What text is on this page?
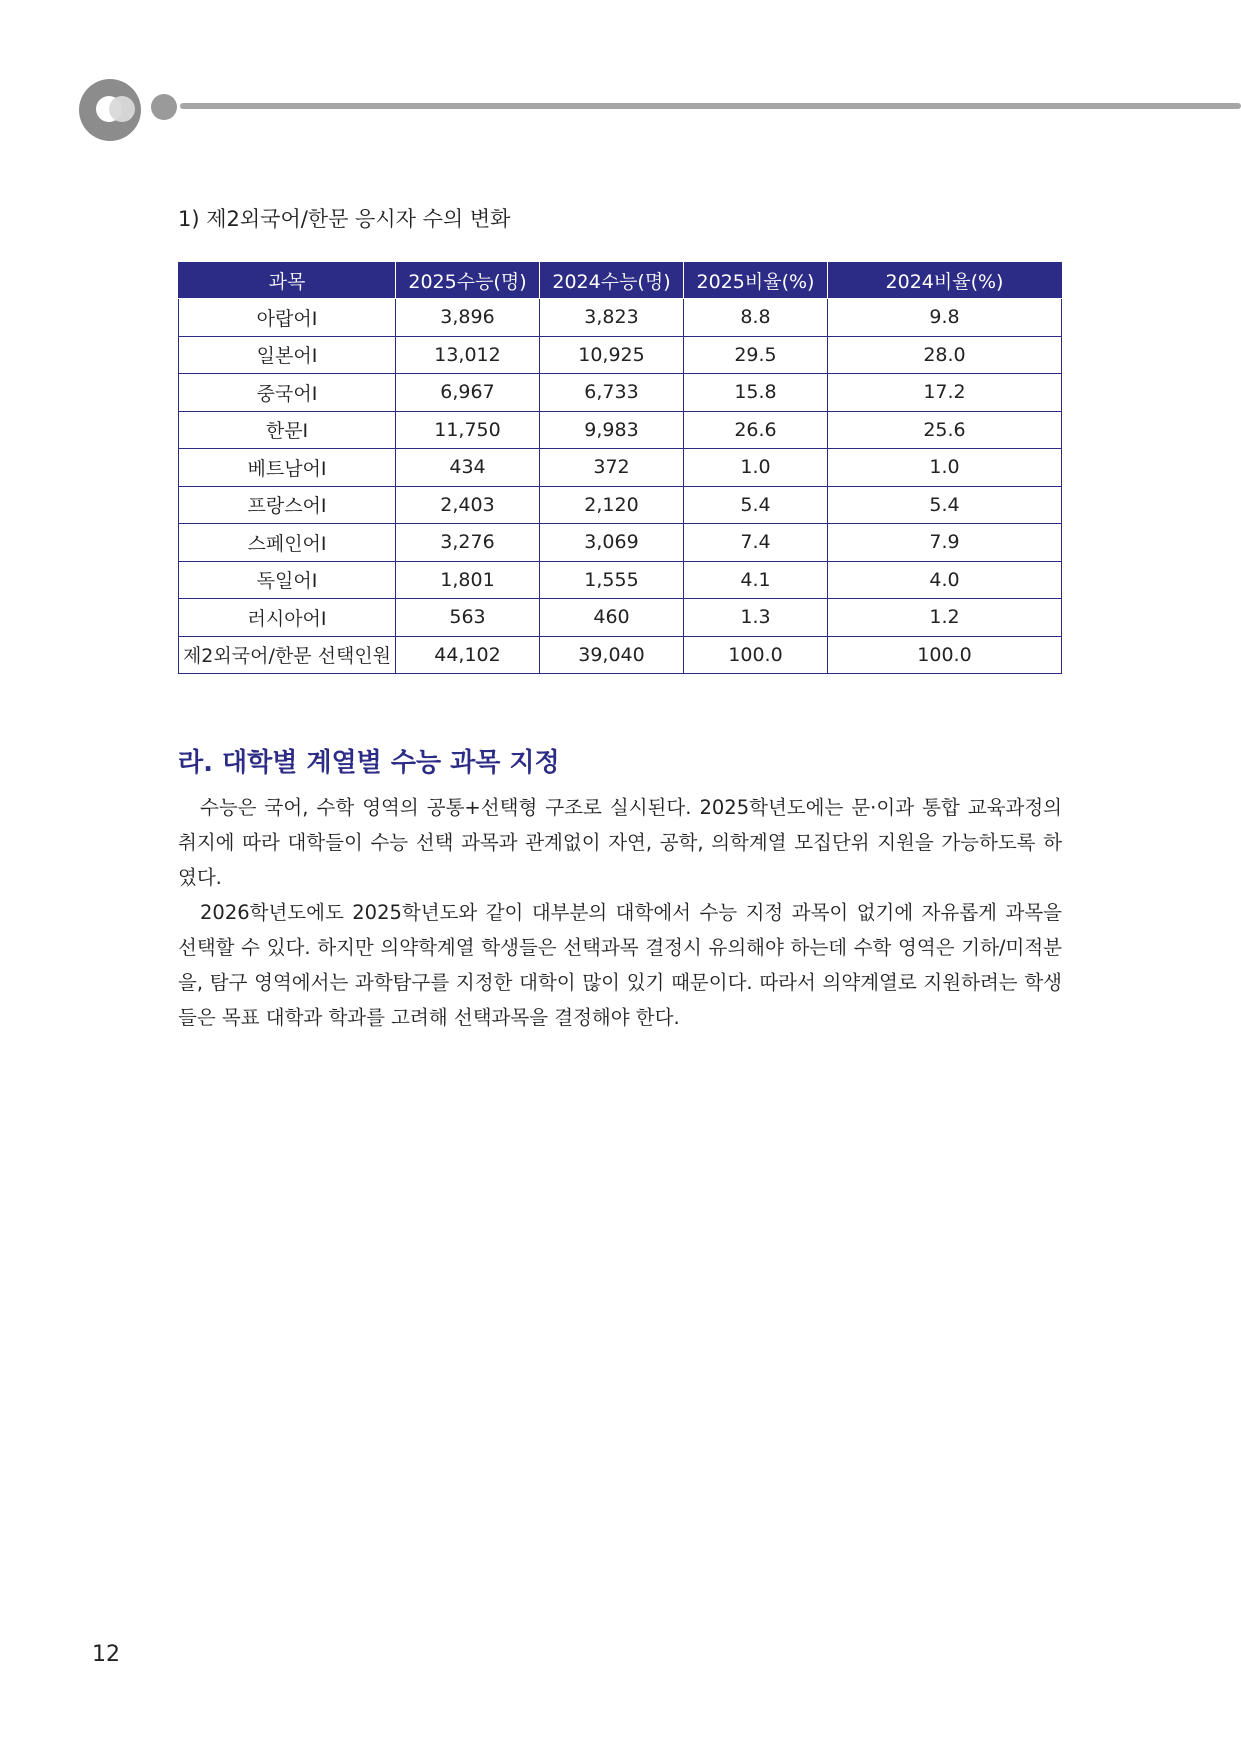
1) 제2외국어/한문 응시자 수의 변화
과목	2025수능(명)	2024수능(명)	2025비율(%)	2024비율(%)
아랍어I	3,896	3,823	8.8	9.8
일본어I	13,012	10,925	29.5	28.0
중국어I	6,967	6,733	15.8	17.2
한문I	11,750	9,983	26.6	25.6
베트남어I	434	372	1.0	1.0
프랑스어I	2,403	2,120	5.4	5.4
스페인어I	3,276	3,069	7.4	7.9
독일어I	1,801	1,555	4.1	4.0
러시아어I	563	460	1.3	1.2
제2외국어/한문 선택인원	44,102	39,040	100.0	100.0
라. 대학별 계열별 수능 과목 지정

수능은 국어, 수학 영역의 공통+선택형 구조로 실시된다. 2025학년도에는 문·이과 통합 교육과정의 취지에 따라 대학들이 수능 선택 과목과 관계없이 자연, 공학, 의학계열 모집단위 지원을 가능하도록 하였다.

2026학년도에도 2025학년도와 같이 대부분의 대학에서 수능 지정 과목이 없기에 자유롭게 과목을 선택할 수 있다. 하지만 의약학계열 학생들은 선택과목 결정시 유의해야 하는데 수학 영역은 기하/미적분을, 탐구 영역에서는 과학탐구를 지정한 대학이 많이 있기 때문이다. 따라서 의약계열로 지원하려는 학생들은 목표 대학과 학과를 고려해 선택과목을 결정해야 한다.

12
